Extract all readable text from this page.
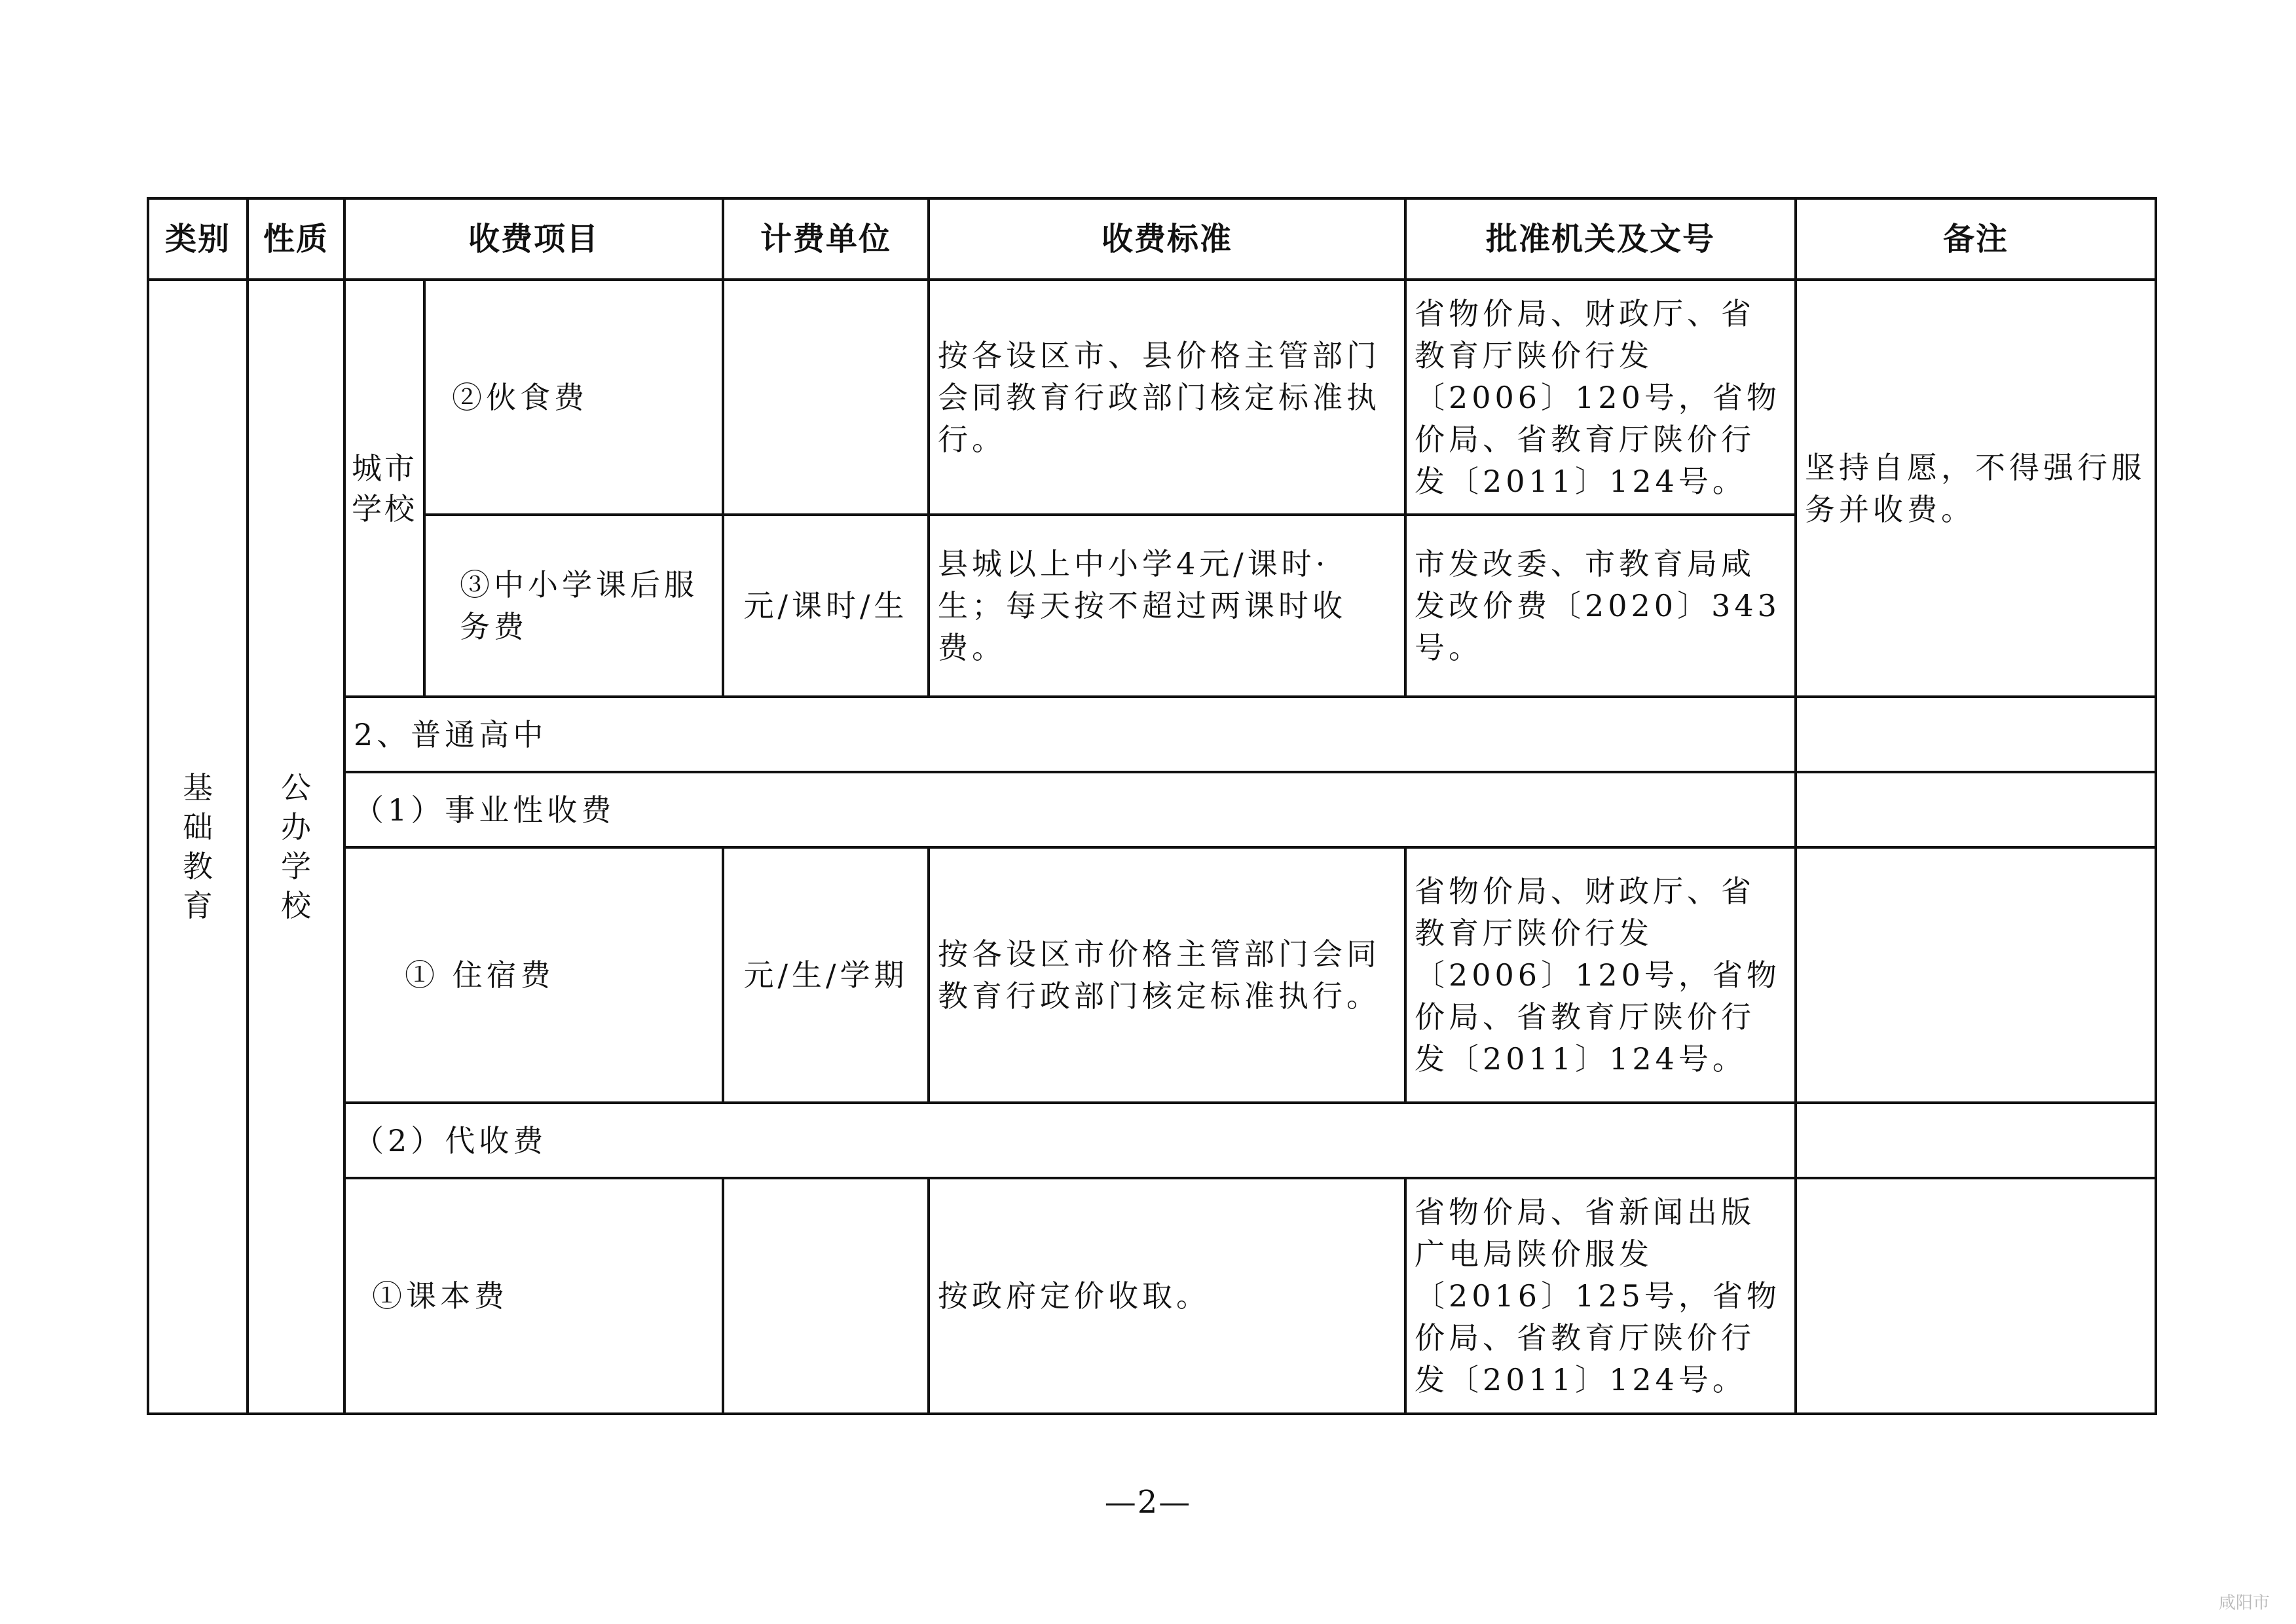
类别	性质	收费项目		计费单位	收费标准	批准机关及文号	备注

基础教育	公办学校	城市学校	②伙食费		按各设区市、县价格主管部门会同教育行政部门核定标准执行。	省物价局、财政厅、省教育厅陕价行发〔2006〕120号，省物价局、省教育厅陕价行发〔2011〕124号。	坚持自愿，不得强行服务并收费。
			③中小学课后服务费	元/课时/生	县城以上中小学4元/课时·生；每天按不超过两课时收费。	市发改委、市教育局咸发改价费〔2020〕343号。	
		2、普通高中					
		（1）事业性收费					
		① 住宿费		元/生/学期	按各设区市价格主管部门会同教育行政部门核定标准执行。	省物价局、财政厅、省教育厅陕价行发〔2006〕120号，省物价局、省教育厅陕价行发〔2011〕124号。	
		（2）代收费					
		①课本费			按政府定价收取。	省物价局、省新闻出版广电局陕价服发〔2016〕125号，省物价局、省教育厅陕价行发〔2011〕124号。	
—2—
咸阳市
